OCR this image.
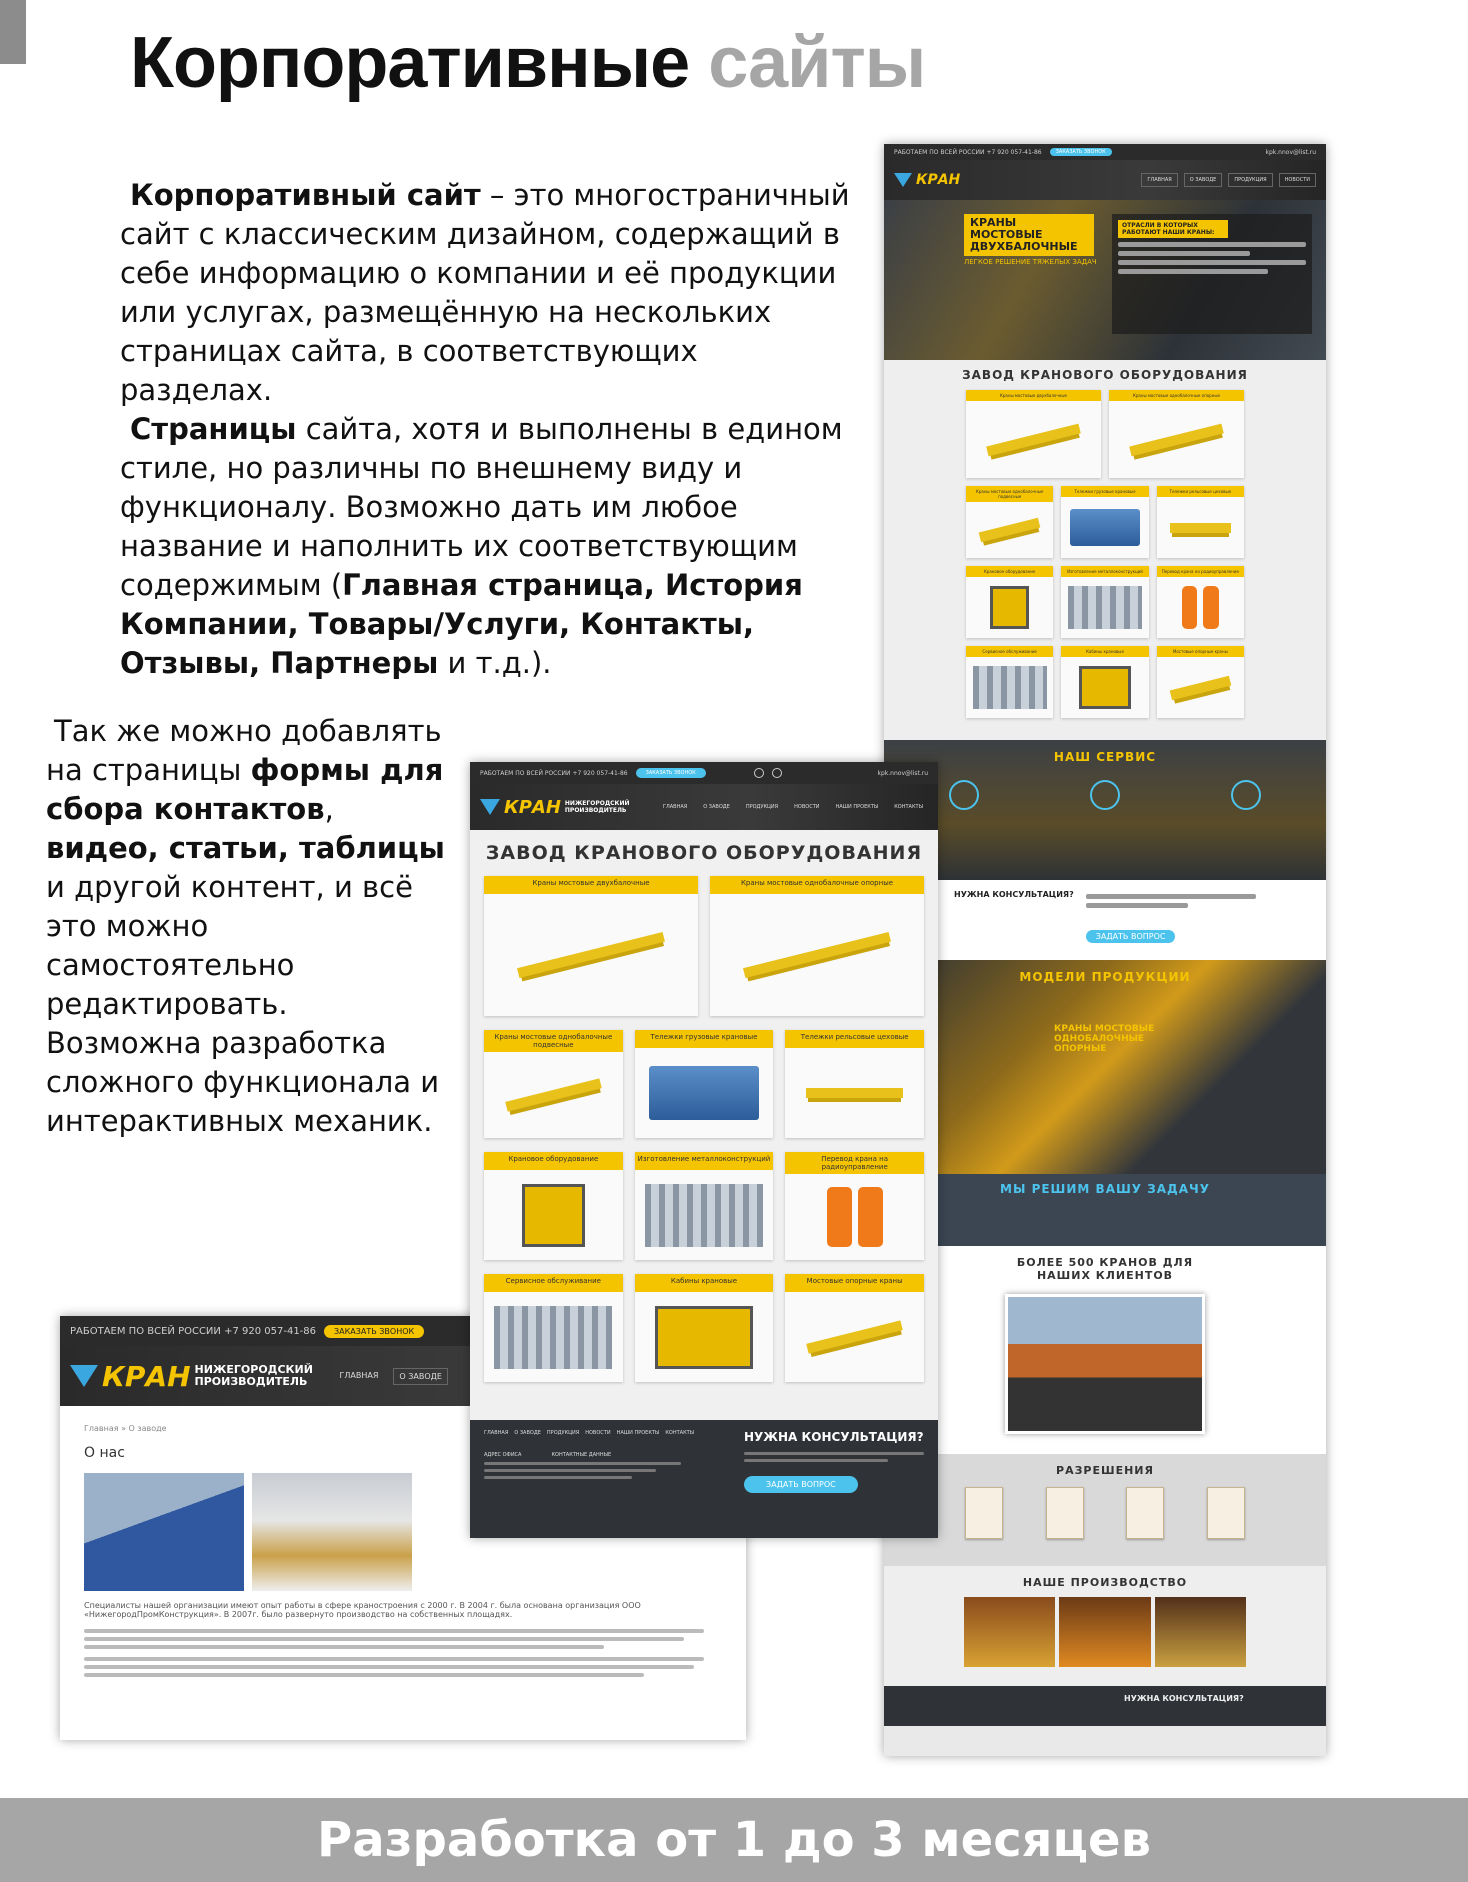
Корпоративные сайты

Корпоративный сайт – это многостраничный сайт с классическим дизайном, содержащий в себе информацию о компании и её продукции или услугах, размещённую на нескольких страницах сайта, в соответствующих разделах.

Страницы сайта, хотя и выполнены в едином стиле, но различны по внешнему виду и функционалу. Возможно дать им любое название и наполнить их соответствующим содержимым (Главная страница, История Компании, Товары/Услуги, Контакты, Отзывы, Партнеры и т.д.).

Так же можно добавлять на страницы формы для сбора контактов, видео, статьи, таблицы и другой контент, и всё это можно самостоятельно редактировать. Возможна разработка сложного функционала и интерактивных механик.

РАБОТАЕМ ПО ВСЕЙ РОССИИ +7 920 057-41-86	ЗАКАЗАТЬ ЗВОНОК	kpk.nnov@list.ru
КРАН	ГЛАВНАЯ	О ЗАВОДЕ	ПРОДУКЦИЯ	НОВОСТИ
КРАНЫ МОСТОВЫЕ ДВУХБАЛОЧНЫЕ
ЛЕГКОЕ РЕШЕНИЕ ТЯЖЕЛЫХ ЗАДАЧ
ОТРАСЛИ В КОТОРЫХ РАБОТАЮТ НАШИ КРАНЫ:
ЗАВОД КРАНОВОГО ОБОРУДОВАНИЯ
Краны мостовые двухбалочные	Краны мостовые однобалочные опорные
Краны мостовые однобалочные подвесные
Тележки грузовые крановые	Тележки рельсовые цеховые
Крановое оборудование	Изготовление металлоконструкций	Перевод крана на радиоуправление
Сервисное обслуживание	Кабины крановые	Мостовые опорные краны
НАШ СЕРВИС
НУЖНА КОНСУЛЬТАЦИЯ?
ЗАДАТЬ ВОПРОС
МОДЕЛИ ПРОДУКЦИИ
КРАНЫ МОСТОВЫЕ ОДНОБАЛОЧНЫЕ ОПОРНЫЕ
МЫ РЕШИМ ВАШУ ЗАДАЧУ
БОЛЕЕ 500 КРАНОВ ДЛЯ НАШИХ КЛИЕНТОВ
РАЗРЕШЕНИЯ
НАШЕ ПРОИЗВОДСТВО
НУЖНА КОНСУЛЬТАЦИЯ?
РАБОТАЕМ ПО ВСЕЙ РОССИИ +7 920 057-41-86	ЗАКАЗАТЬ ЗВОНОК
КРАН НИЖЕГОРОДСКИЙ ПРОИЗВОДИТЕЛЬ	ГЛАВНАЯ	О ЗАВОДЕ
Главная » О заводе
О нас
Специалисты нашей организации имеют опыт работы в сфере краностроения с 2000 г. В 2004 г. была основана организация ООО «НижегородПромКонструкция». В 2007г. было развернуто производство на собственных площадях.
РАБОТАЕМ ПО ВСЕЙ РОССИИ +7 920 057-41-86	ЗАКАЗАТЬ ЗВОНОК	kpk.nnov@list.ru
КРАН НИЖЕГОРОДСКИЙ ПРОИЗВОДИТЕЛЬ	ГЛАВНАЯ	О ЗАВОДЕ	ПРОДУКЦИЯ	НОВОСТИ	НАШИ ПРОЕКТЫ	КОНТАКТЫ
ЗАВОД КРАНОВОГО ОБОРУДОВАНИЯ
Краны мостовые двухбалочные	Краны мостовые однобалочные опорные
Краны мостовые однобалочные подвесные
Тележки грузовые крановые	Тележки рельсовые цеховые
Крановое оборудование	Изготовление металлоконструкций	Перевод крана на радиоуправление
Сервисное обслуживание	Кабины крановые	Мостовые опорные краны
ГЛАВНАЯ О ЗАВОДЕ ПРОДУКЦИЯ НОВОСТИ НАШИ ПРОЕКТЫ КОНТАКТЫ
АДРЕС ОФИСА	КОНТАКТНЫЕ ДАННЫЕ
НУЖНА КОНСУЛЬТАЦИЯ?
ЗАДАТЬ ВОПРОС
Разработка от 1 до 3 месяцев
